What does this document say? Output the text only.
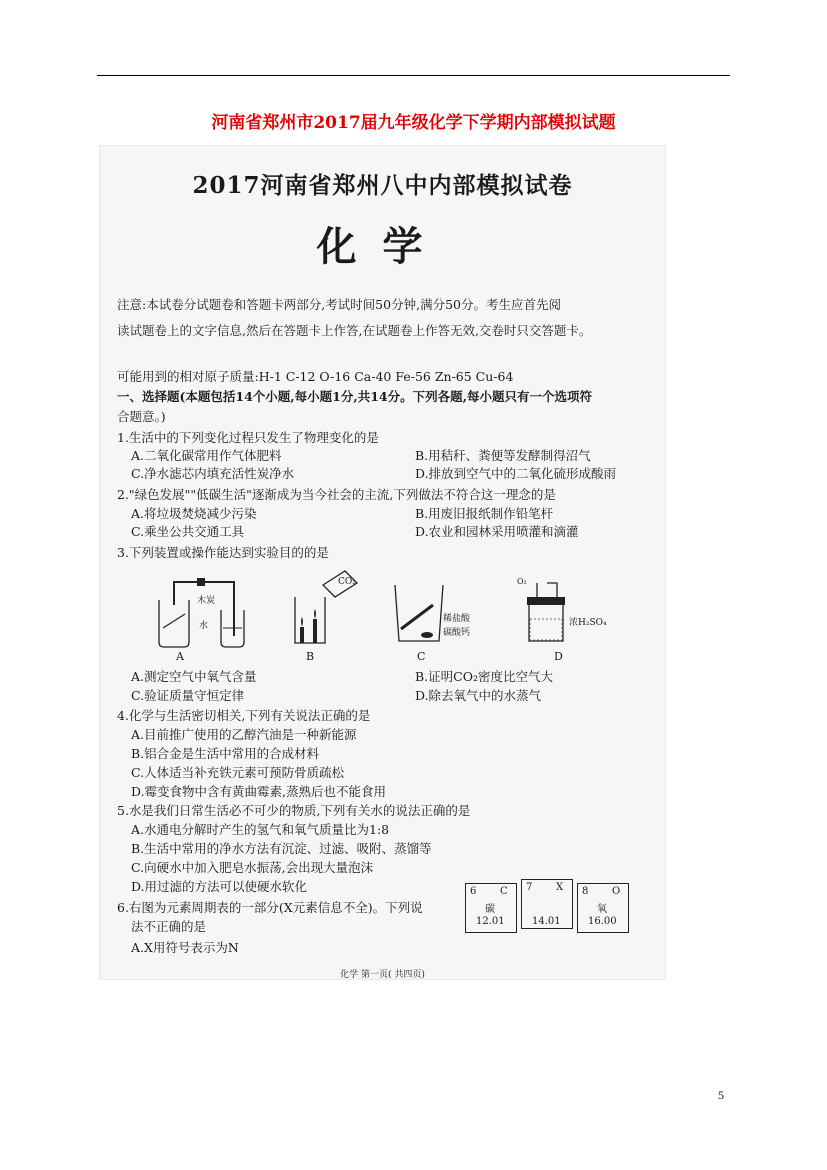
河南省郑州市2017届九年级化学下学期内部模拟试题
2017河南省郑州八中内部模拟试卷
化学
注意:本试卷分试题卷和答题卡两部分,考试时间50分钟,满分50分。考生应首先阅
读试题卷上的文字信息,然后在答题卡上作答,在试题卷上作答无效,交卷时只交答题卡。
可能用到的相对原子质量:H-1 C-12 O-16 Ca-40 Fe-56 Zn-65 Cu-64
一、选择题(本题包括14个小题,每小题1分,共14分。下列各题,每小题只有一个选项符
合题意。)
1.生活中的下列变化过程只发生了物理变化的是
A.二氧化碳常用作气体肥料	B.用秸秆、粪便等发酵制得沼气
C.净水滤芯内填充活性炭净水	D.排放到空气中的二氧化硫形成酸雨
2."绿色发展""低碳生活"逐渐成为当今社会的主流,下列做法不符合这一理念的是
A.将垃圾焚烧减少污染	B.用废旧报纸制作铅笔杆
C.乘坐公共交通工具	D.农业和园林采用喷灌和滴灌
3.下列装置或操作能达到实验目的的是
木炭
水
A
CO₂
B
稀盐酸
碳酸钙
C
O₂
浓H₂SO₄
D
A.测定空气中氧气含量	B.证明CO₂密度比空气大
C.验证质量守恒定律	D.除去氧气中的水蒸气
4.化学与生活密切相关,下列有关说法正确的是
A.目前推广使用的乙醇汽油是一种新能源
B.铝合金是生活中常用的合成材料
C.人体适当补充铁元素可预防骨质疏松
D.霉变食物中含有黄曲霉素,蒸熟后也不能食用
5.水是我们日常生活必不可少的物质,下列有关水的说法正确的是
A.水通电分解时产生的氢气和氧气质量比为1:8
B.生活中常用的净水方法有沉淀、过滤、吸附、蒸馏等
C.向硬水中加入肥皂水振荡,会出现大量泡沫
D.用过滤的方法可以使硬水软化
6.右图为元素周期表的一部分(X元素信息不全)。下列说
法不正确的是
A.X用符号表示为N
6 C
碳
12.01
7 X
14.01
8 O
氧
16.00
化学 第一页( 共四页)
5
